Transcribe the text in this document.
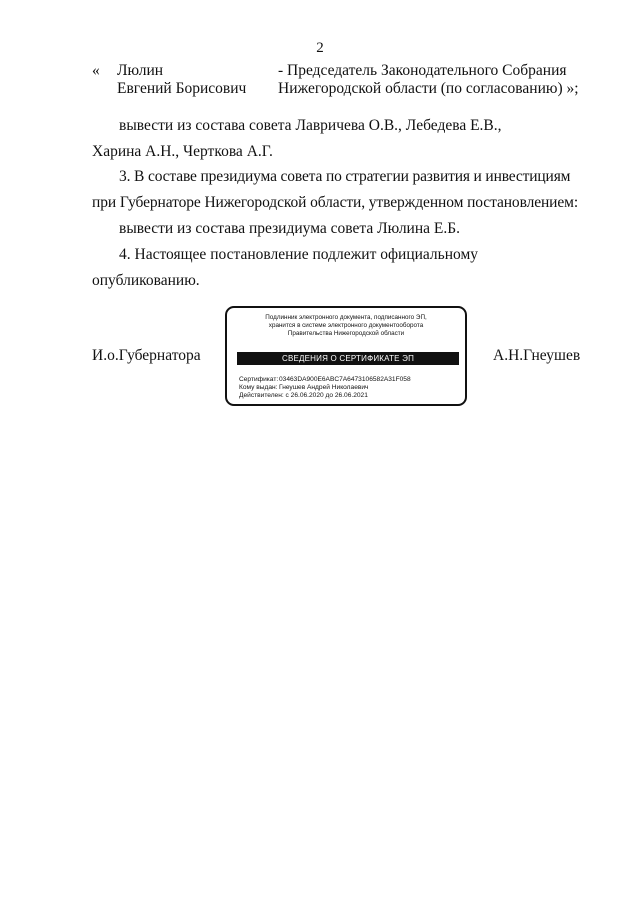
2
« Люлин
Евгений Борисович
- Председатель Законодательного Собрания
Нижегородской области (по согласованию) »;
вывести из состава совета Лавричева О.В., Лебедева Е.В.,
Харина А.Н., Черткова А.Г.
3. В составе президиума совета по стратегии развития и инвестициям
при Губернаторе Нижегородской области, утвержденном постановлением:
вывести из состава президиума совета Люлина Е.Б.
4. Настоящее постановление подлежит официальному
опубликованию.
И.о.Губернатора	А.Н.Гнеушев
Подлинник электронного документа, подписанного ЭП,
хранится в системе электронного документооборота
Правительства Нижегородской области
СВЕДЕНИЯ О СЕРТИФИКАТЕ ЭП
Сертификат:03463DA900E6ABC7A6473106582A31F058
Кому выдан: Гнеушев Андрей Николаевич
Действителен: с 26.06.2020 до 26.06.2021
